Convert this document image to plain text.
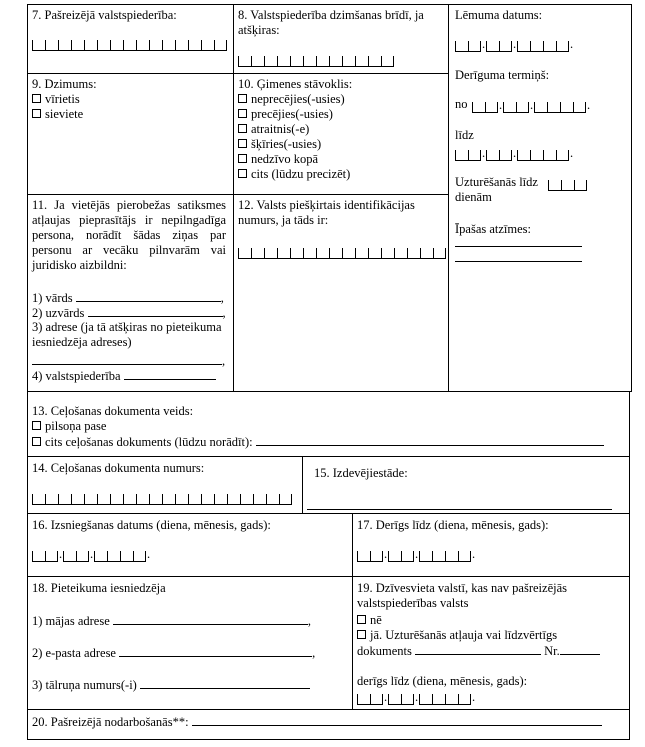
7. Pašreizējā valstspiederība:	8. Valstspiederība dzimšanas brīdī, ja atšķiras:
Lēmuma datums:
. .	.
Derīguma termiņš:
no	. .	.
līdz
. .	.
Uzturēšanās līdz
dienām
Īpašas atzīmes:
9. Dzimums:
vīrietis
sieviete
10. Ģimenes stāvoklis:
neprecējies(-usies)
precējies(-usies)
atraitnis(-e)
šķīries(-usies)
nedzīvo kopā
cits (lūdzu precizēt)
11. Ja vietējās pierobežas satiksmes atļaujas pieprasītājs ir nepilngadīga persona, norādīt šādas ziņas par personu ar vecāku pilnvarām vai juridisko aizbildni:
1) vārds	,
2) uzvārds	,
3) adrese (ja tā atšķiras no pieteikuma iesniedzēja adreses)
,
4) valstspiederība
12. Valsts piešķirtais identifikācijas numurs, ja tāds ir:
13. Ceļošanas dokumenta veids:
pilsoņa pase
cits ceļošanas dokuments (lūdzu norādīt):
14. Ceļošanas dokumenta numurs:	15. Izdevējiestāde:
16. Izsniegšanas datums (diena, mēnesis, gads):
. .	.
17. Derīgs līdz (diena, mēnesis, gads):
. .	.
18. Pieteikuma iesniedzēja
1) mājas adrese	,
2) e-pasta adrese	,
3) tālruņa numurs(-i)
19. Dzīvesvieta valstī, kas nav pašreizējās valstspiederības valsts
nē
jā. Uzturēšanās atļauja vai līdzvērtīgs
dokuments	Nr.
derīgs līdz (diena, mēnesis, gads):
. .	.
20. Pašreizējā nodarbošanās**:
